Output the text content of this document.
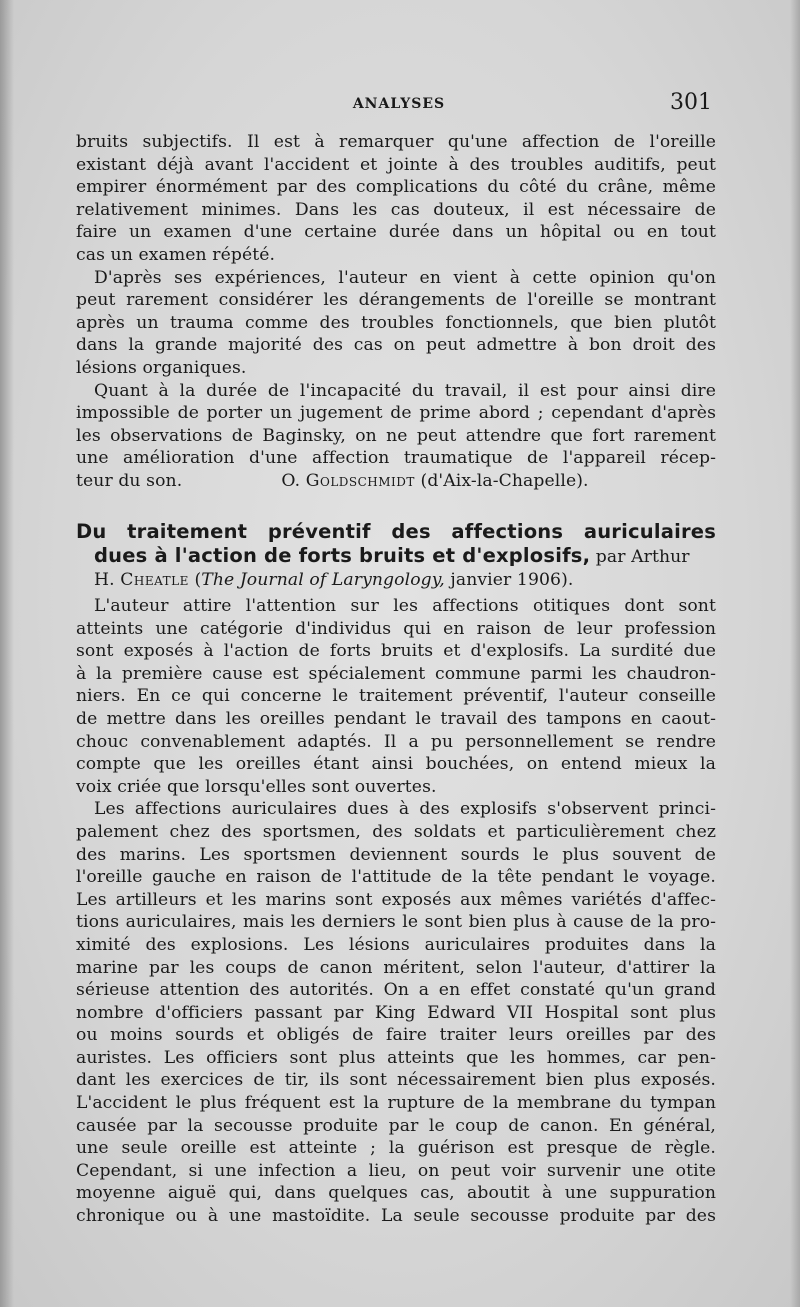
ANALYSES	301
bruits subjectifs. Il est à remarquer qu'une affection de l'oreille
existant déjà avant l'accident et jointe à des troubles auditifs, peut
empirer énormément par des complications du côté du crâne, même
relativement minimes. Dans les cas douteux, il est nécessaire de
faire un examen d'une certaine durée dans un hôpital ou en tout
cas un examen répété.
D'après ses expériences, l'auteur en vient à cette opinion qu'on
peut rarement considérer les dérangements de l'oreille se montrant
après un trauma comme des troubles fonctionnels, que bien plutôt
dans la grande majorité des cas on peut admettre à bon droit des
lésions organiques.
Quant à la durée de l'incapacité du travail, il est pour ainsi dire
impossible de porter un jugement de prime abord ; cependant d'après
les observations de Baginsky, on ne peut attendre que fort rarement
une amélioration d'une affection traumatique de l'appareil récep-
teur du son.	O. Goldschmidt (d'Aix-la-Chapelle).
Du traitement préventif des affections auriculaires
dues à l'action de forts bruits et d'explosifs, par Arthur
H. Cheatle (The Journal of Laryngology, janvier 1906).
L'auteur attire l'attention sur les affections otitiques dont sont
atteints une catégorie d'individus qui en raison de leur profession
sont exposés à l'action de forts bruits et d'explosifs. La surdité due
à la première cause est spécialement commune parmi les chaudron-
niers. En ce qui concerne le traitement préventif, l'auteur conseille
de mettre dans les oreilles pendant le travail des tampons en caout-
chouc convenablement adaptés. Il a pu personnellement se rendre
compte que les oreilles étant ainsi bouchées, on entend mieux la
voix criée que lorsqu'elles sont ouvertes.
Les affections auriculaires dues à des explosifs s'observent princi-
palement chez des sportsmen, des soldats et particulièrement chez
des marins. Les sportsmen deviennent sourds le plus souvent de
l'oreille gauche en raison de l'attitude de la tête pendant le voyage.
Les artilleurs et les marins sont exposés aux mêmes variétés d'affec-
tions auriculaires, mais les derniers le sont bien plus à cause de la pro-
ximité des explosions. Les lésions auriculaires produites dans la
marine par les coups de canon méritent, selon l'auteur, d'attirer la
sérieuse attention des autorités. On a en effet constaté qu'un grand
nombre d'officiers passant par King Edward VII Hospital sont plus
ou moins sourds et obligés de faire traiter leurs oreilles par des
auristes. Les officiers sont plus atteints que les hommes, car pen-
dant les exercices de tir, ils sont nécessairement bien plus exposés.
L'accident le plus fréquent est la rupture de la membrane du tympan
causée par la secousse produite par le coup de canon. En général,
une seule oreille est atteinte ; la guérison est presque de règle.
Cependant, si une infection a lieu, on peut voir survenir une otite
moyenne aiguë qui, dans quelques cas, aboutit à une suppuration
chronique ou à une mastoïdite. La seule secousse produite par des
